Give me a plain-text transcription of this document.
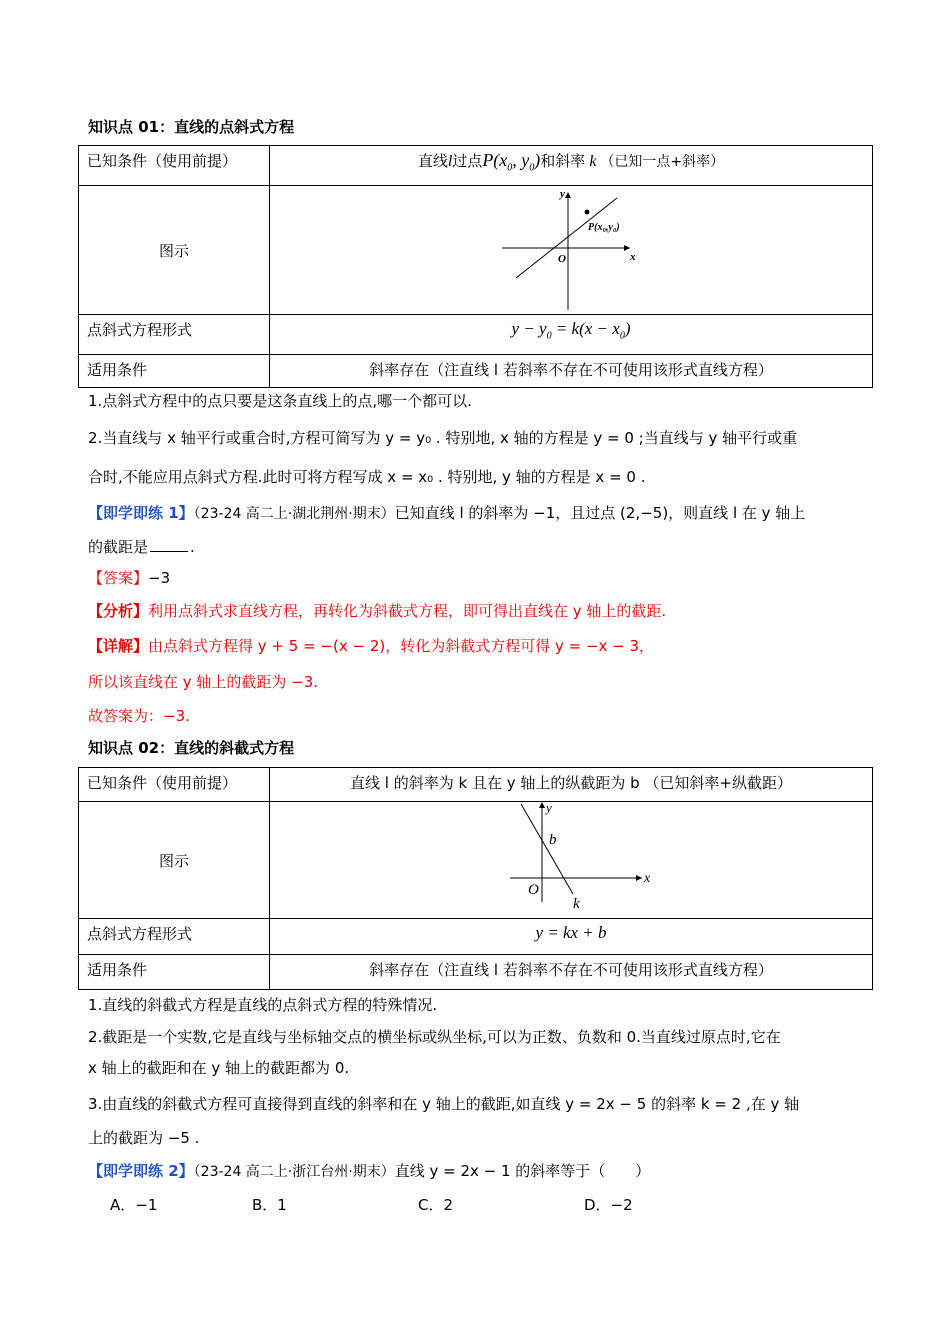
知识点 01：直线的点斜式方程
已知条件（使用前提）	直线l过点$P(x_0$, $y_0$)和斜率 k （已知一点+斜率）
图示	y
x
O
P(x₀,y₀)

点斜式方程形式	$y - y_0 = k(x - x_0)$
适用条件	斜率存在（注直线 l 若斜率不存在不可使用该形式直线方程）
1.点斜式方程中的点只要是这条直线上的点,哪一个都可以.
2.当直线与 x 轴平行或重合时,方程可简写为 y = y₀ . 特别地, x 轴的方程是 y = 0 ;当直线与 y 轴平行或重
合时,不能应用点斜式方程.此时可将方程写成 x = x₀ . 特别地, y 轴的方程是 x = 0 .
【即学即练 1】（23-24 高二上·湖北荆州·期末）已知直线 l 的斜率为 −1，且过点 (2,−5)，则直线 l 在 y 轴上
的截距是	.
【答案】−3
【分析】利用点斜式求直线方程，再转化为斜截式方程，即可得出直线在 y 轴上的截距.
【详解】由点斜式方程得 y + 5 = −(x − 2)，转化为斜截式方程可得 y = −x − 3，
所以该直线在 y 轴上的截距为 −3.
故答案为：−3.
知识点 02：直线的斜截式方程
已知条件（使用前提）	直线 l 的斜率为 k 且在 y 轴上的纵截距为 b （已知斜率+纵截距）
图示	y
x
O
b
k

点斜式方程形式	y = kx + b
适用条件	斜率存在（注直线 l 若斜率不存在不可使用该形式直线方程）
1.直线的斜截式方程是直线的点斜式方程的特殊情况.
2.截距是一个实数,它是直线与坐标轴交点的横坐标或纵坐标,可以为正数、负数和 0.当直线过原点时,它在
x 轴上的截距和在 y 轴上的截距都为 0.
3.由直线的斜截式方程可直接得到直线的斜率和在 y 轴上的截距,如直线 y = 2x − 5 的斜率 k = 2 ,在 y 轴
上的截距为 −5 .
【即学即练 2】（23-24 高二上·浙江台州·期末）直线 y = 2x − 1 的斜率等于（　　）
A．−1	B．1	C．2	D．−2
